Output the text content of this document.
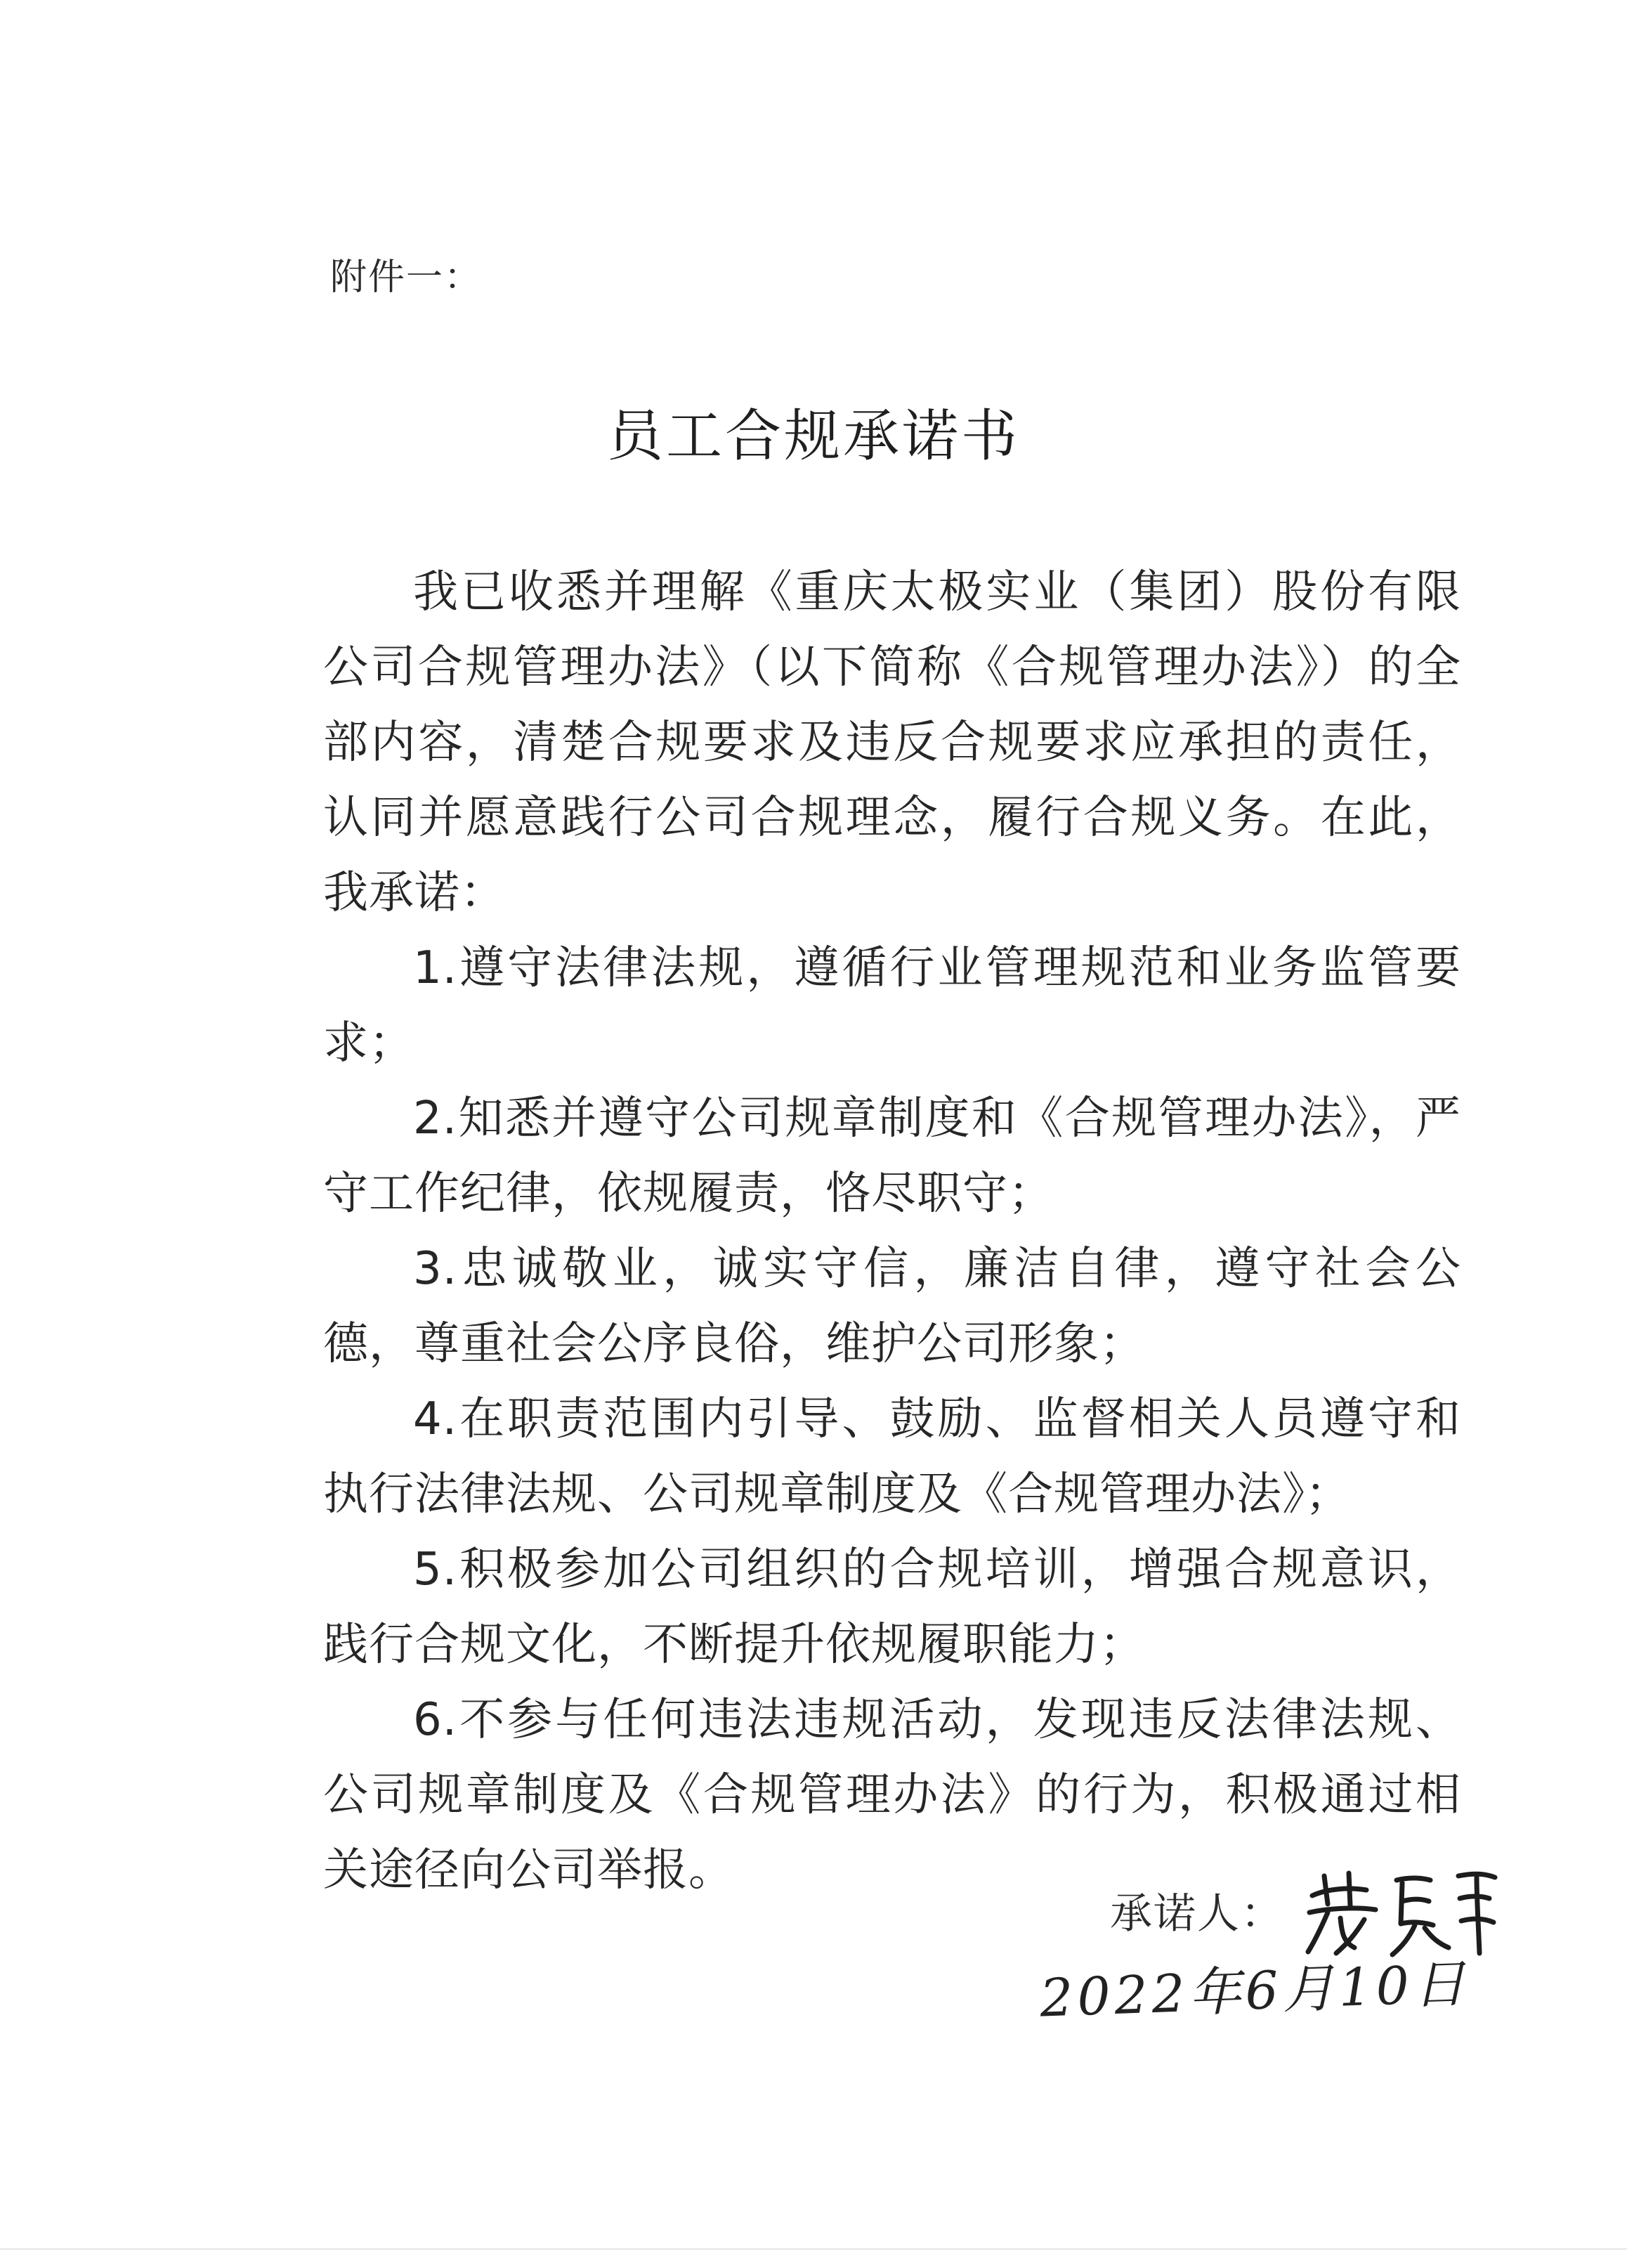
附件一：
员工合规承诺书

我已收悉并理解《重庆太极实业（集团）股份有限公司合规管理办法》（以下简称《合规管理办法》）的全部内容，清楚合规要求及违反合规要求应承担的责任，认同并愿意践行公司合规理念，履行合规义务。在此，我承诺：

1.遵守法律法规，遵循行业管理规范和业务监管要求；

2.知悉并遵守公司规章制度和《合规管理办法》，严守工作纪律，依规履责，恪尽职守；

3.忠诚敬业，诚实守信，廉洁自律，遵守社会公德，尊重社会公序良俗，维护公司形象；

4.在职责范围内引导、鼓励、监督相关人员遵守和执行法律法规、公司规章制度及《合规管理办法》；

5.积极参加公司组织的合规培训，增强合规意识，践行合规文化，不断提升依规履职能力；

6.不参与任何违法违规活动，发现违反法律法规、公司规章制度及《合规管理办法》的行为，积极通过相关途径向公司举报。

承诺人：
2022年6月10日
